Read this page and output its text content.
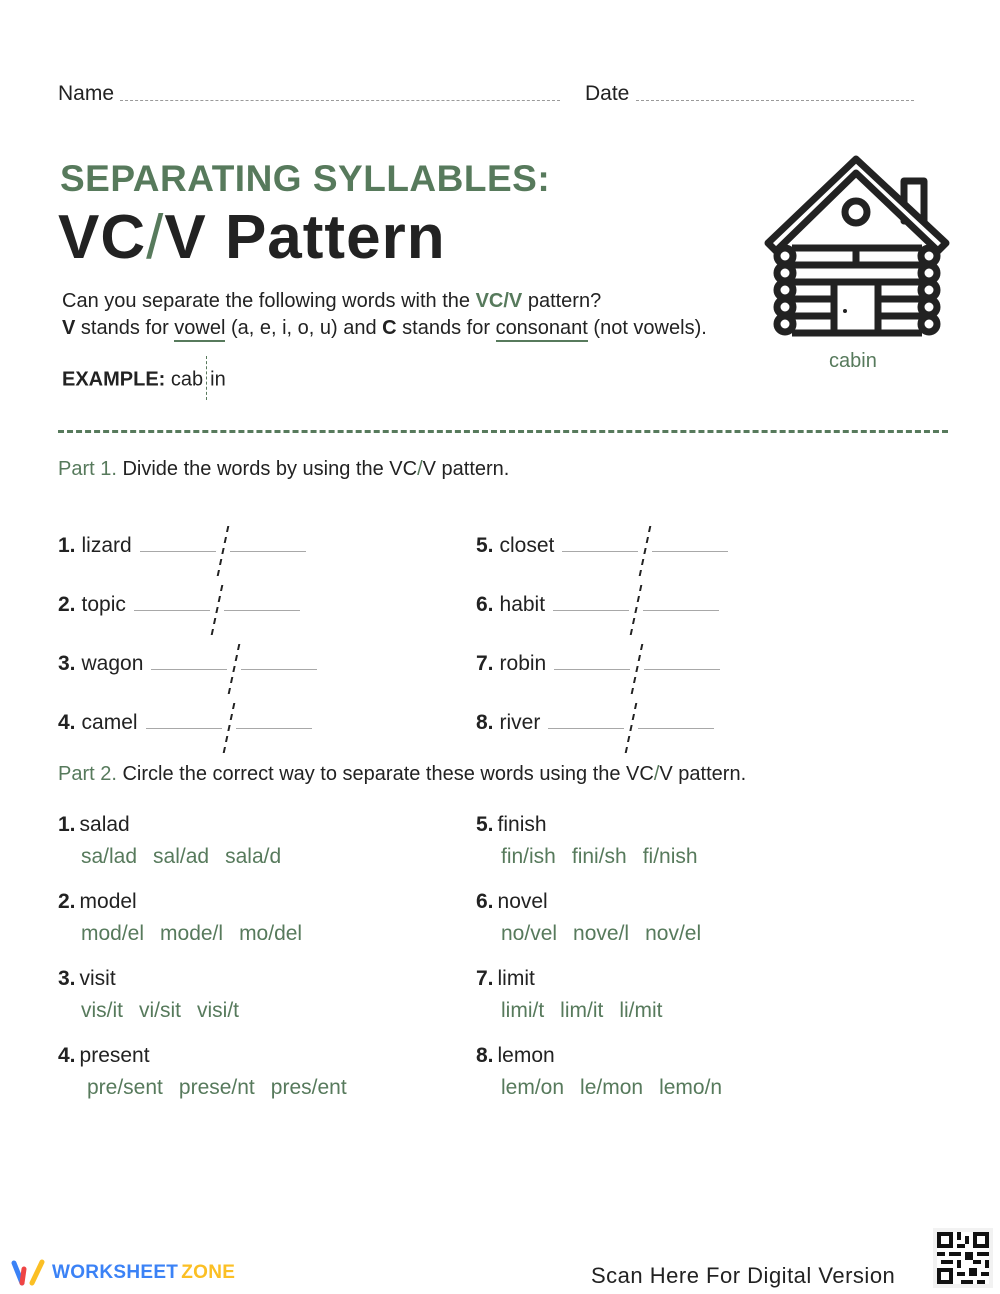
Name	Date
SEPARATING SYLLABLES:
VC/V Pattern
cabin
Can you separate the following words with the VC/V pattern?
V stands for vowel (a, e, i, o, u) and C stands for consonant (not vowels).
EXAMPLE: cab in
Part 1. Divide the words by using the VC/V pattern.
1. lizard
2. topic
3. wagon
4. camel
5. closet
6. habit
7. robin
8. river
Part 2. Circle the correct way to separate these words using the VC/V pattern.
1. salad
sa/lad sal/ad sala/d
2. model
mod/el mode/l mo/del
3. visit
vis/it vi/sit visi/t
4. present
pre/sent prese/nt pres/ent
5. finish
fin/ish fini/sh fi/nish
6. novel
no/vel nove/l nov/el
7. limit
limi/t lim/it li/mit
8. lemon
lem/on le/mon lemo/n
WORKSHEET ZONE	Scan Here For Digital Version
